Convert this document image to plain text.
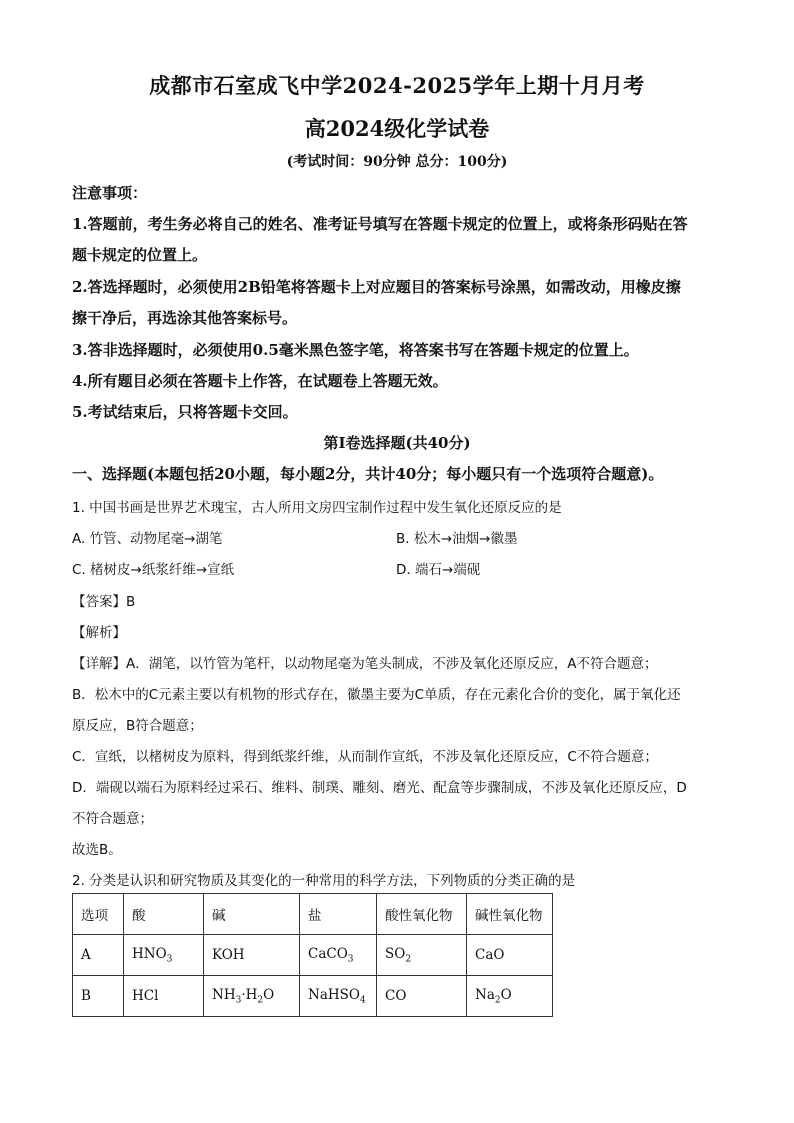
成都市石室成飞中学2024-2025学年上期十月月考
高2024级化学试卷
(考试时间：90分钟 总分：100分)
注意事项：
1.答题前，考生务必将自己的姓名、准考证号填写在答题卡规定的位置上，或将条形码贴在答
题卡规定的位置上。
2.答选择题时，必须使用2B铅笔将答题卡上对应题目的答案标号涂黑，如需改动，用橡皮擦
擦干净后，再选涂其他答案标号。
3.答非选择题时，必须使用0.5毫米黑色签字笔，将答案书写在答题卡规定的位置上。
4.所有题目必须在答题卡上作答，在试题卷上答题无效。
5.考试结束后，只将答题卡交回。
第Ⅰ卷选择题(共40分)
一、选择题(本题包括20小题，每小题2分，共计40分；每小题只有一个选项符合题意)。
1. 中国书画是世界艺术瑰宝，古人所用文房四宝制作过程中发生氧化还原反应的是
A. 竹管、动物尾毫→湖笔	B. 松木→油烟→徽墨
C. 楮树皮→纸浆纤维→宣纸	D. 端石→端砚
【答案】B
【解析】
【详解】A．湖笔，以竹管为笔杆，以动物尾毫为笔头制成，不涉及氧化还原反应，A不符合题意；
B．松木中的C元素主要以有机物的形式存在，徽墨主要为C单质，存在元素化合价的变化，属于氧化还
原反应，B符合题意；
C．宣纸，以楮树皮为原料，得到纸浆纤维，从而制作宣纸，不涉及氧化还原反应，C不符合题意；
D．端砚以端石为原料经过采石、维料、制璞、雕刻、磨光、配盒等步骤制成，不涉及氧化还原反应，D
不符合题意；
故选B。
2. 分类是认识和研究物质及其变化的一种常用的科学方法，下列物质的分类正确的是
选项	酸	碱	盐	酸性氧化物	碱性氧化物
A	$HNO_3$	KOH	CaCO$_3$	$SO_2$	CaO
B	HCl	$NH_3\cdot H_2O$	NaHSO$_4$	CO	$Na_2O$
